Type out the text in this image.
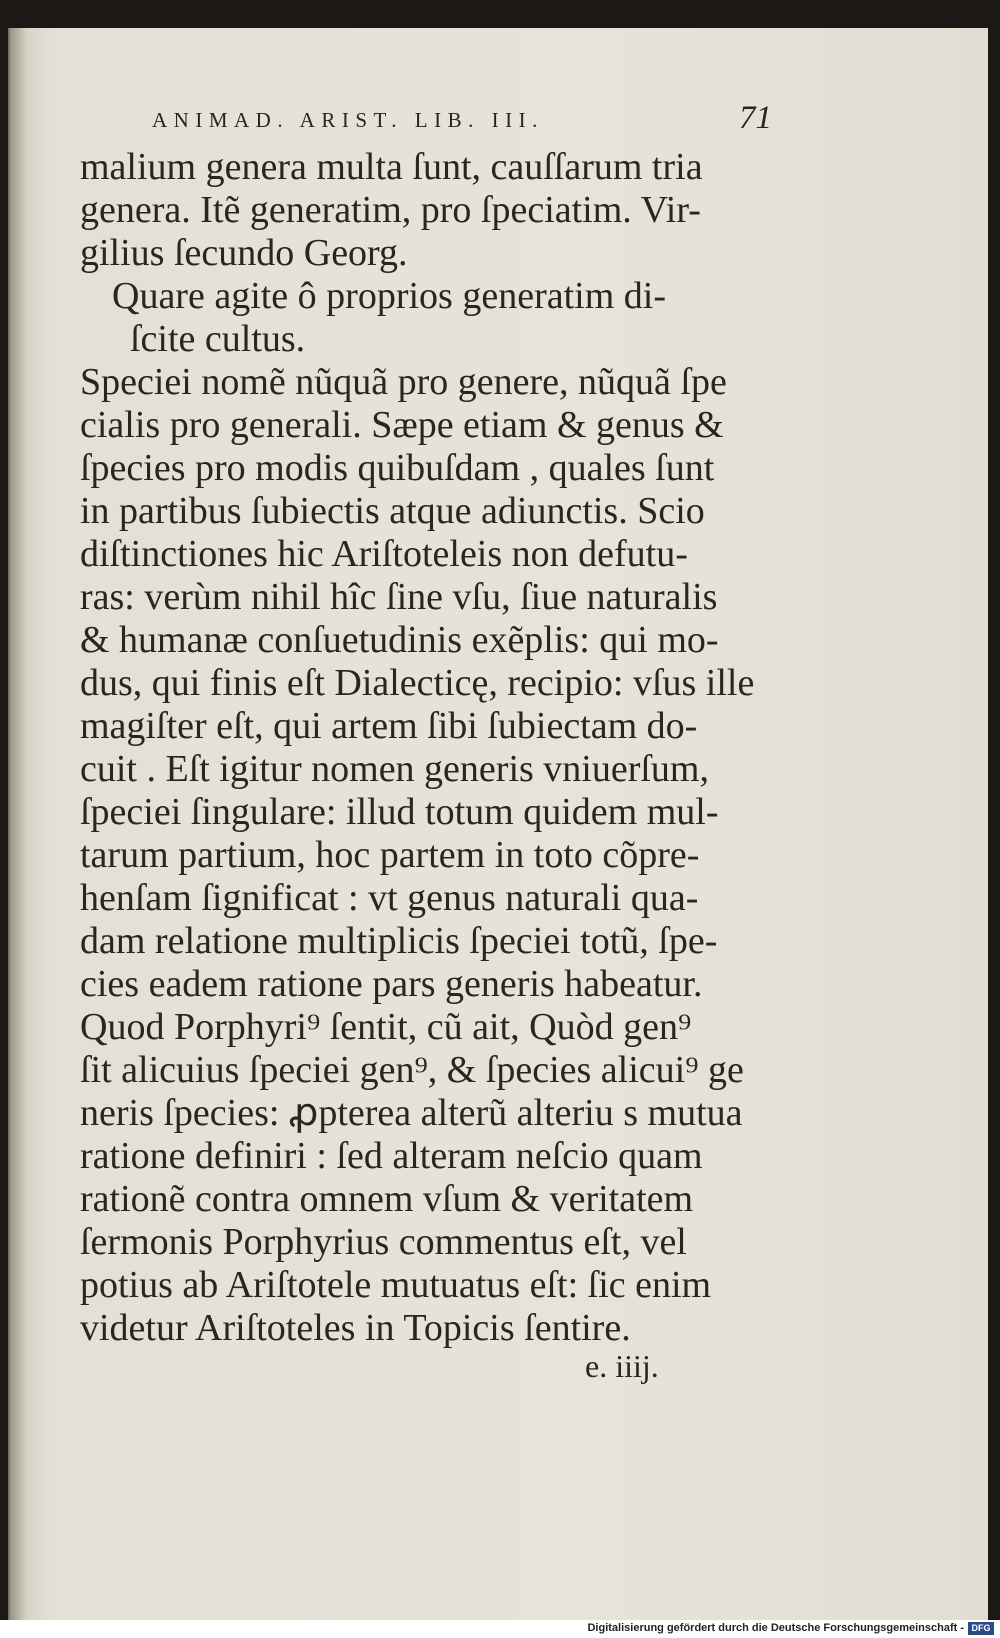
ANIMAD. ARIST. LIB. III.	71
malium genera multa ſunt, cauſſarum tria
genera. Itẽ generatim, pro ſpeciatim. Vir-
gilius ſecundo Georg.
Quare agite ô proprios generatim di-
ſcite cultus.
Speciei nomẽ nũquã pro genere, nũquã ſpe
cialis pro generali. Sæpe etiam & genus &
ſpecies pro modis quibuſdam , quales ſunt
in partibus ſubiectis atque adiunctis. Scio
diſtinctiones hic Ariſtoteleis non defutu-
ras: verùm nihil hîc ſine vſu, ſiue naturalis
& humanæ conſuetudinis exẽplis: qui mo-
dus, qui finis eſt Dialecticę, recipio: vſus ille
magiſter eſt, qui artem ſibi ſubiectam do-
cuit . Eſt igitur nomen generis vniuerſum,
ſpeciei ſingulare: illud totum quidem mul-
tarum partium, hoc partem in toto cõpre-
henſam ſignificat : vt genus naturali qua-
dam relatione multiplicis ſpeciei totũ, ſpe-
cies eadem ratione pars generis habeatur.
Quod Porphyri⁹ ſentit, cũ ait, Quòd gen⁹
ſit alicuius ſpeciei gen⁹, & ſpecies alicui⁹ ge
neris ſpecies: ꝓpterea alterũ alteriu s mutua
ratione definiri : ſed alteram neſcio quam
rationẽ contra omnem vſum & veritatem
ſermonis Porphyrius commentus eſt, vel
potius ab Ariſtotele mutuatus eſt: ſic enim
videtur Ariſtoteles in Topicis ſentire.
e. iiij.
Digitalisierung gefördert durch die Deutsche Forschungsgemeinschaft - DFG
